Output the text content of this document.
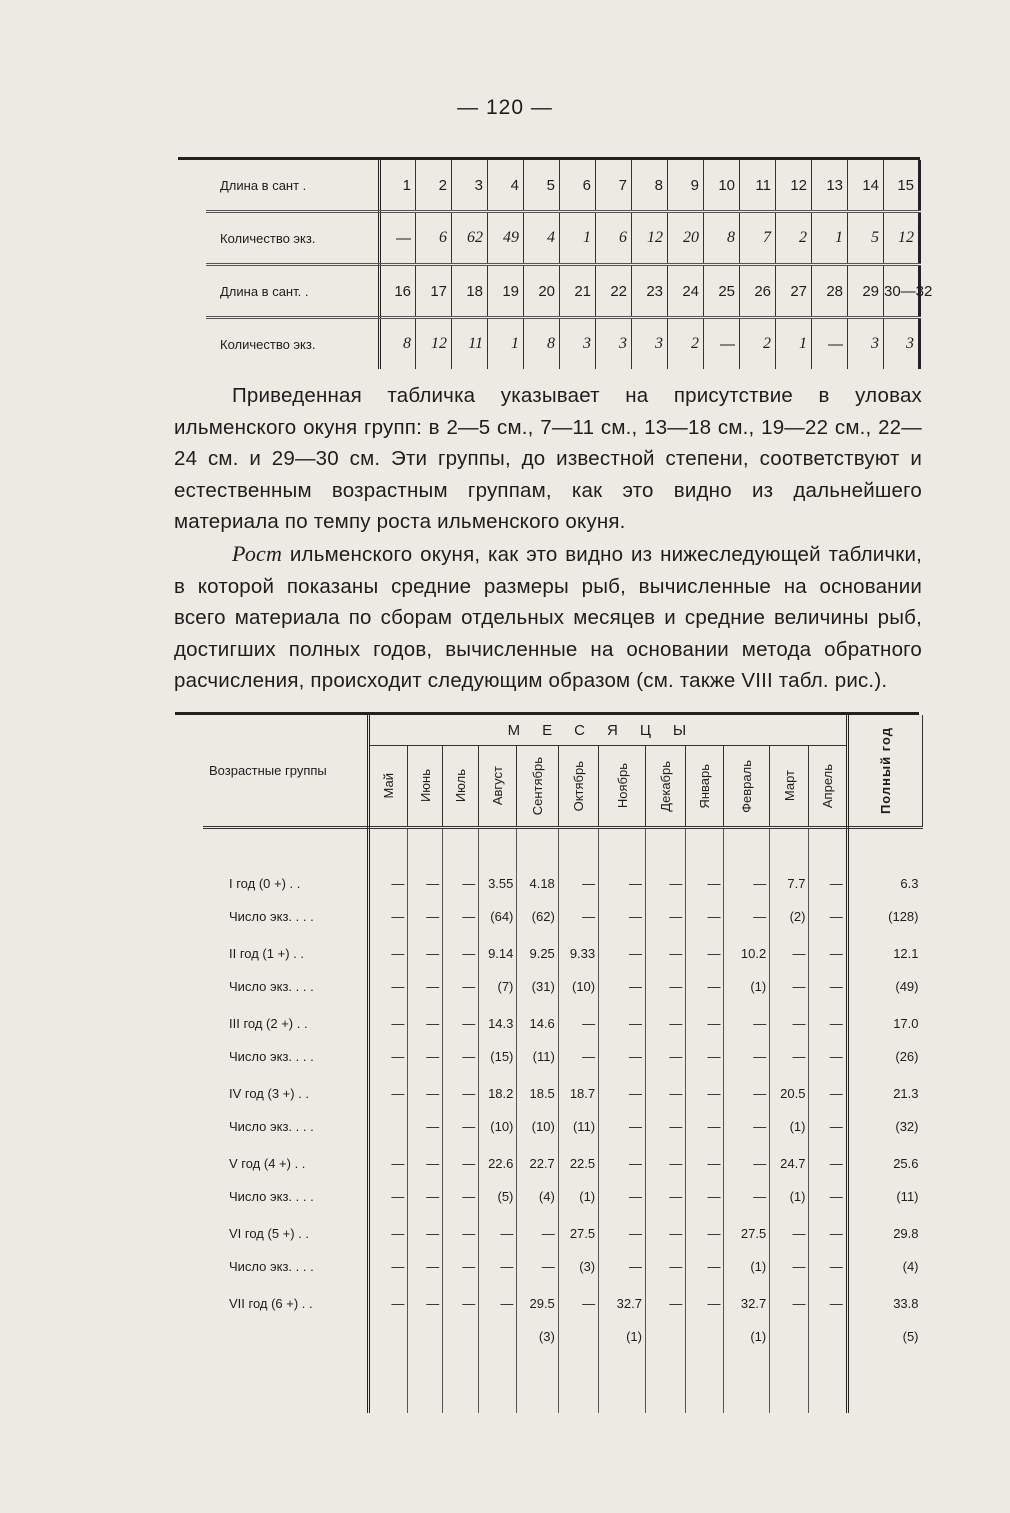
— 120 —
Длина в сант .	1	2	3	4	5	6	7	8	9	10	11	12	13	14	15
Количество экз.	—	6	62	49	4	1	6	12	20	8	7	2	1	5	12
Длина в сант. .	16	17	18	19	20	21	22	23	24	25	26	27	28	29	30—32
Количество экз.	8	12	11	1	8	3	3	3	2	—	2	1	—	3	3

Приведенная табличка указывает на присутствие в уловах ильменского окуня групп: в 2—5 см., 7—11 см., 13—18 см., 19—22 см., 22—24 см. и 29—30 см. Эти группы, до известной степени, соответствуют и естественным возрастным группам, как это видно из дальнейшего материала по темпу роста ильменского окуня.

Рост ильменского окуня, как это видно из нижеследующей таблички, в которой показаны средние размеры рыб, вычисленные на основании всего материала по сборам отдельных месяцев и средние величины рыб, достигших полных годов, вычисленные на основании метода обратного расчисления, происходит следующим образом (см. также VIII табл. рис.).

Возрастные группы	МЕСЯЦЫ												Полный год

	Май	Июнь	Июль	Август	Сентябрь	Октябрь	Ноябрь	Декабрь	Январь	Февраль	Март	Апрель	

I год (0 +) . .	—	—	—	3.55	4.18	—	—	—	—	—	7.7	—	6.3
Число экз. . . .	—	—	—	(64)	(62)	—	—	—	—	—	(2)	—	(128)

II год (1 +) . .	—	—	—	9.14	9.25	9.33	—	—	—	10.2	—	—	12.1
Число экз. . . .	—	—	—	(7)	(31)	(10)	—	—	—	(1)	—	—	(49)

III год (2 +) . .	—	—	—	14.3	14.6	—	—	—	—	—	—	—	17.0
Число экз. . . .	—	—	—	(15)	(11)	—	—	—	—	—	—	—	(26)

IV год (3 +) . .	—	—	—	18.2	18.5	18.7	—	—	—	—	20.5	—	21.3
Число экз. . . .		—	—	(10)	(10)	(11)	—	—	—	—	(1)	—	(32)

V год (4 +) . .	—	—	—	22.6	22.7	22.5	—	—	—	—	24.7	—	25.6
Число экз. . . .	—	—	—	(5)	(4)	(1)	—	—	—	—	(1)	—	(11)

VI год (5 +) . .	—	—	—	—	—	27.5	—	—	—	27.5	—	—	29.8
Число экз. . . .	—	—	—	—	—	(3)	—	—	—	(1)	—	—	(4)

VII год (6 +) . .	—	—	—	—	29.5	—	32.7	—	—	32.7	—	—	33.8
					(3)		(1)			(1)			(5)
